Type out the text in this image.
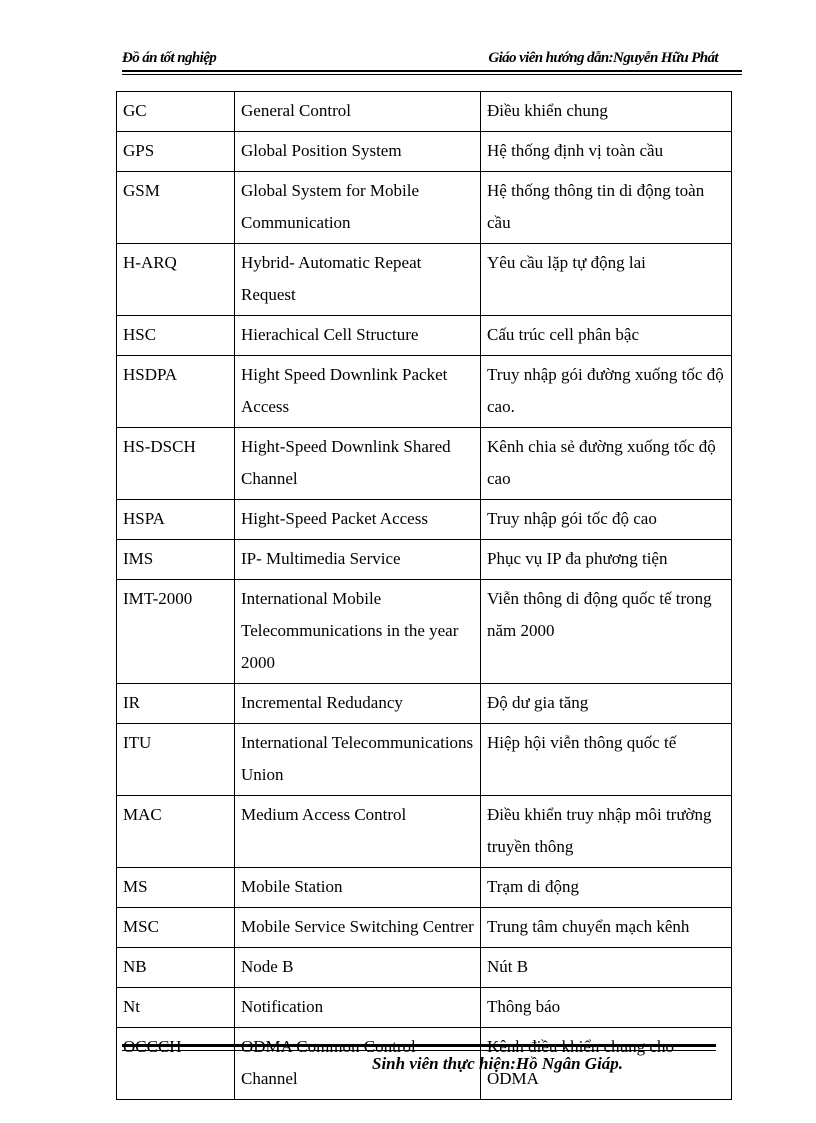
Đồ án tốt nghiệp	Giáo viên hướng dẫn:Nguyễn Hữu Phát
GC	General Control	Điều khiển chung
GPS	Global Position System	Hệ thống định vị toàn cầu
GSM	Global System for Mobile Communication	Hệ thống thông tin di động toàn cầu
H-ARQ	Hybrid- Automatic Repeat Request	Yêu cầu lặp tự động lai
HSC	Hierachical Cell Structure	Cấu trúc cell phân bậc
HSDPA	Hight Speed Downlink Packet Access	Truy nhập gói đường xuống tốc độ cao.
HS-DSCH	Hight-Speed Downlink Shared Channel	Kênh chia sẻ đường xuống tốc độ cao
HSPA	Hight-Speed Packet Access	Truy nhập gói tốc độ cao
IMS	IP- Multimedia Service	Phục vụ IP đa phương tiện
IMT-2000	International Mobile Telecommunications in the year 2000	Viễn thông di động quốc tế trong năm 2000
IR	Incremental Redudancy	Độ dư gia tăng
ITU	International Telecommunications Union	Hiệp hội viễn thông quốc tế
MAC	Medium Access Control	Điều khiển truy nhập môi trường truyền thông
MS	Mobile Station	Trạm di động
MSC	Mobile Service Switching Centrer	Trung tâm chuyển mạch kênh
NB	Node B	Nút B
Nt	Notification	Thông báo
OCCCH	ODMA Common Control Channel	Kênh điều khiển chung cho ODMA
Sinh viên thực hiện:Hồ Ngân Giáp.
